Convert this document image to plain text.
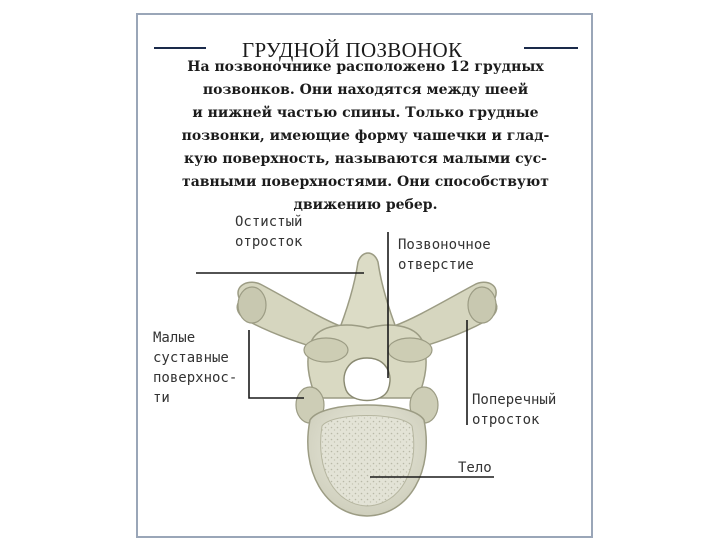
ГРУДНОЙ ПОЗВОНОК
На позвоночнике расположено 12 грудных
позвонков. Они находятся между шеей
и нижней частью спины. Только грудные
позвонки, имеющие форму чашечки и глад-
кую поверхность, называются малыми сус-
тавными поверхностями. Они способствуют
движению ребер.
Остистый
отросток	Позвоночное
отверстие
Малые
суставные
поверхнос-
ти	Поперечный
отросток
Тело
